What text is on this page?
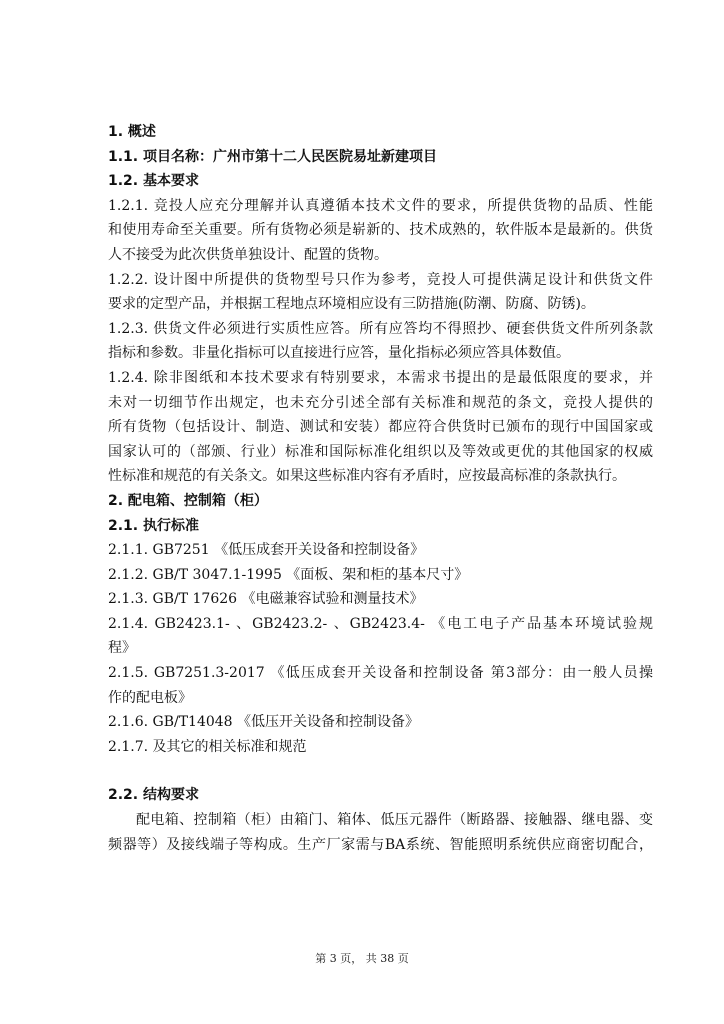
1. 概述
1.1. 项目名称：广州市第十二人民医院易址新建项目
1.2. 基本要求
1.2.1. 竞投人应充分理解并认真遵循本技术文件的要求，所提供货物的品质、性能
和使用寿命至关重要。所有货物必须是崭新的、技术成熟的，软件版本是最新的。供货
人不接受为此次供货单独设计、配置的货物。
1.2.2. 设计图中所提供的货物型号只作为参考，竞投人可提供满足设计和供货文件
要求的定型产品，并根据工程地点环境相应设有三防措施(防潮、防腐、防锈)。
1.2.3. 供货文件必须进行实质性应答。所有应答均不得照抄、硬套供货文件所列条款
指标和参数。非量化指标可以直接进行应答，量化指标必须应答具体数值。
1.2.4. 除非图纸和本技术要求有特别要求，本需求书提出的是最低限度的要求，并
未对一切细节作出规定，也未充分引述全部有关标准和规范的条文，竞投人提供的
所有货物（包括设计、制造、测试和安装）都应符合供货时已颁布的现行中国国家或
国家认可的（部颁、行业）标准和国际标准化组织以及等效或更优的其他国家的权威
性标准和规范的有关条文。如果这些标准内容有矛盾时，应按最高标准的条款执行。
2. 配电箱、控制箱（柜）
2.1. 执行标准
2.1.1. GB7251 《低压成套开关设备和控制设备》
2.1.2. GB/T 3047.1-1995 《面板、架和柜的基本尺寸》
2.1.3. GB/T 17626 《电磁兼容试验和测量技术》
2.1.4. GB2423.1- 、GB2423.2- 、GB2423.4- 《电工电子产品基本环境试验规
程》
2.1.5. GB7251.3-2017 《低压成套开关设备和控制设备 第3部分：由一般人员操
作的配电板》
2.1.6. GB/T14048 《低压开关设备和控制设备》
2.1.7. 及其它的相关标准和规范
2.2. 结构要求
配电箱、控制箱（柜）由箱门、箱体、低压元器件（断路器、接触器、继电器、变
频器等）及接线端子等构成。生产厂家需与BA系统、智能照明系统供应商密切配合，
第 3 页， 共 38 页
